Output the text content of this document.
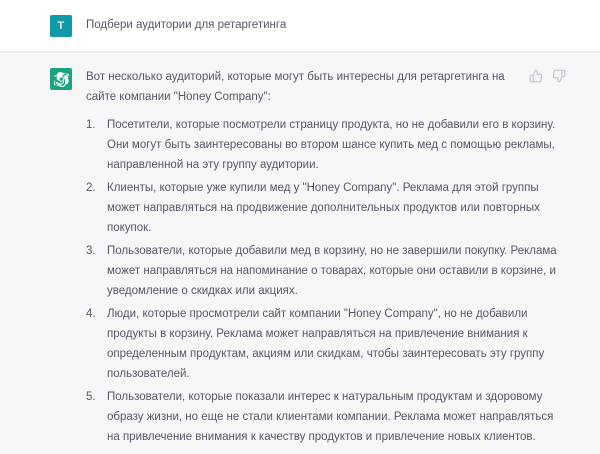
T Подбери аудитории для ретаргетинга

Вот несколько аудиторий, которые могут быть интересны для ретаргетинга на сайте компании "Honey Company":

Посетители, которые посмотрели страницу продукта, но не добавили его в корзину. Они могут быть заинтересованы во втором шансе купить мед с помощью рекламы, направленной на эту группу аудитории.
Клиенты, которые уже купили мед у "Honey Company". Реклама для этой группы может направляться на продвижение дополнительных продуктов или повторных покупок.
Пользователи, которые добавили мед в корзину, но не завершили покупку. Реклама может направляться на напоминание о товарах, которые они оставили в корзине, и уведомление о скидках или акциях.
Люди, которые просмотрели сайт компании "Honey Company", но не добавили продукты в корзину. Реклама может направляться на привлечение внимания к определенным продуктам, акциям или скидкам, чтобы заинтересовать эту группу пользователей.
Пользователи, которые показали интерес к натуральным продуктам и здоровому образу жизни, но еще не стали клиентами компании. Реклама может направляться на привлечение внимания к качеству продуктов и привлечение новых клиентов.
